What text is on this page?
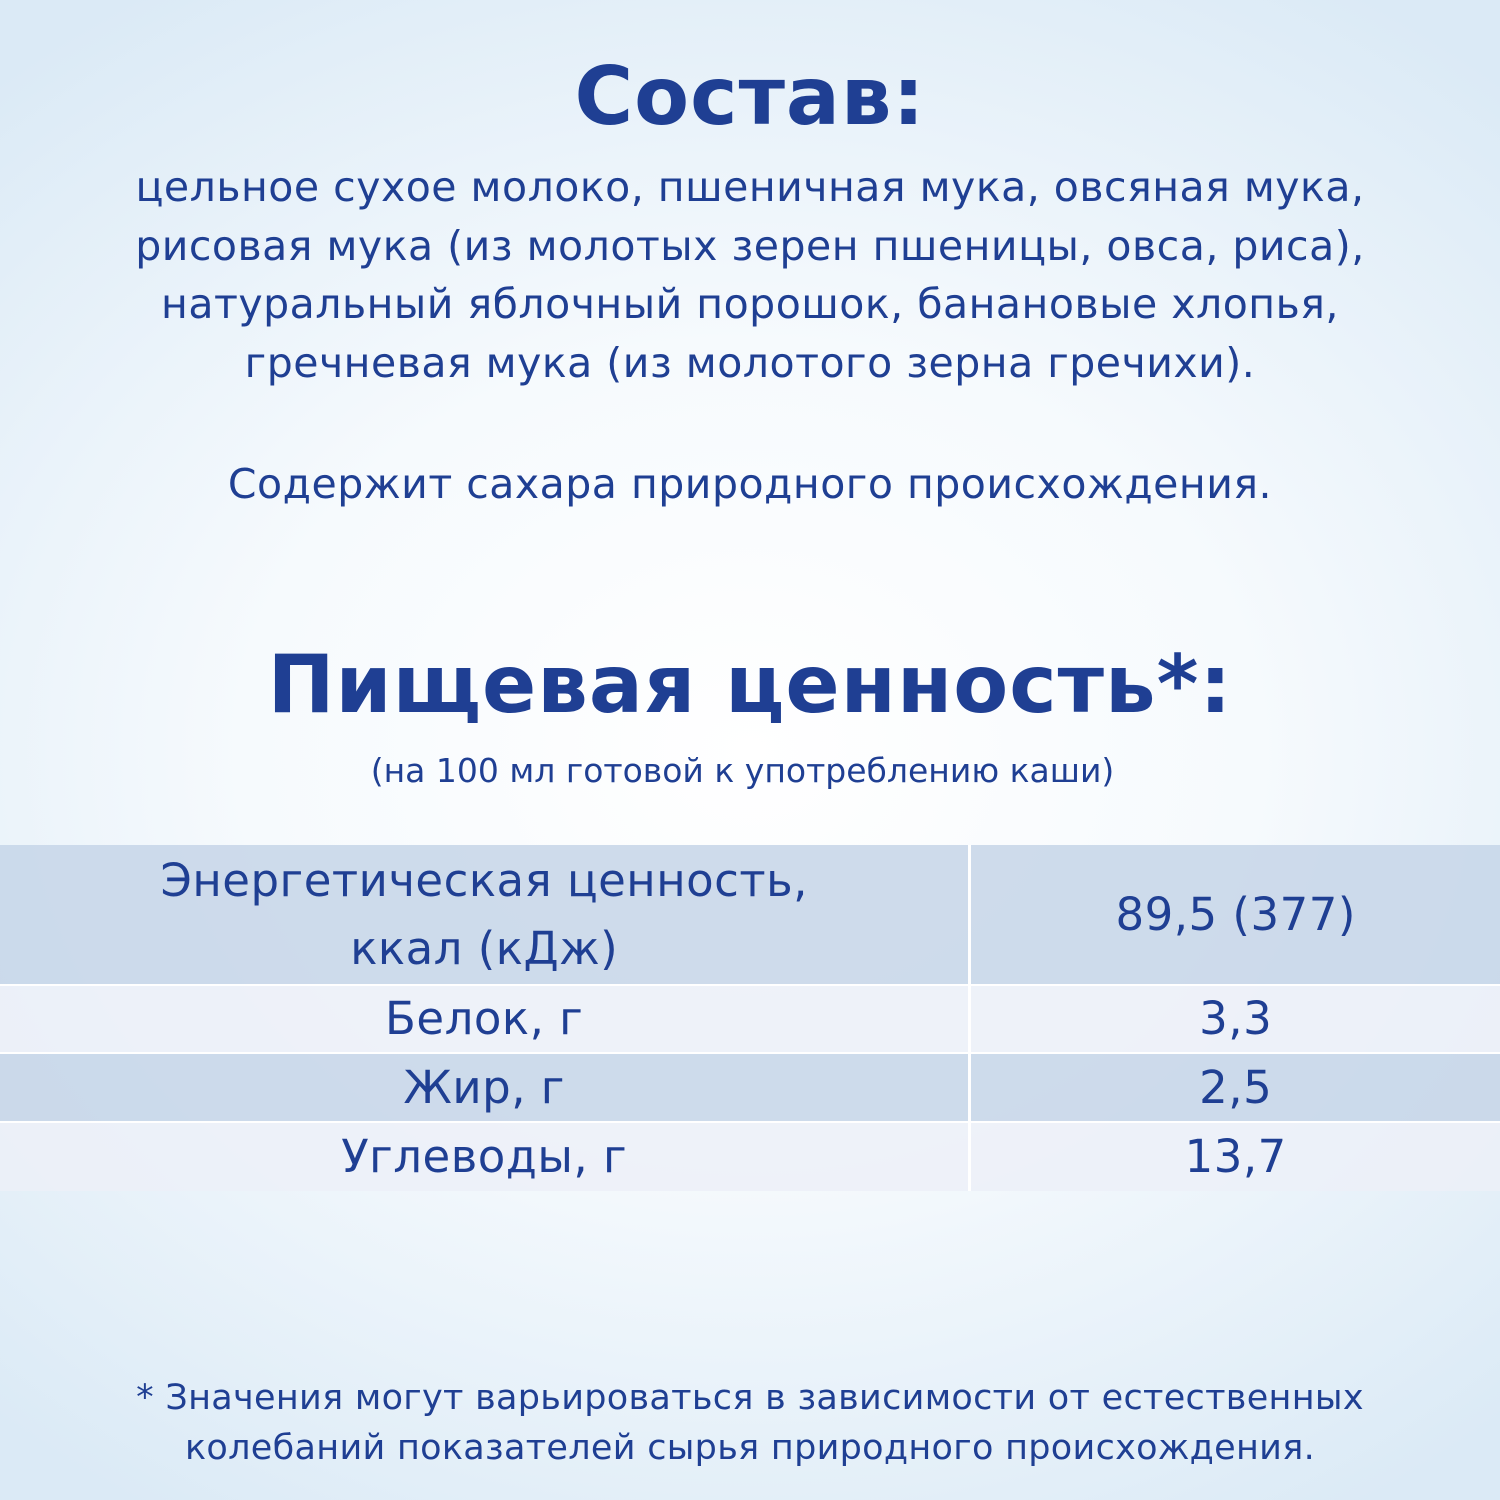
Состав:
цельное сухое молоко, пшеничная мука, овсяная мука,
рисовая мука (из молотых зерен пшеницы, овса, риса),
натуральный яблочный порошок, банановые хлопья,
гречневая мука (из молотого зерна гречихи).
Содержит сахара природного происхождения.
Пищевая ценность*:
(на 100 мл готовой к употреблению каши)
Энергетическая ценность,
ккал (кДж)	89,5 (377)
Белок, г	3,3
Жир, г	2,5
Углеводы, г	13,7
* Значения могут варьироваться в зависимости от естественных
колебаний показателей сырья природного происхождения.
